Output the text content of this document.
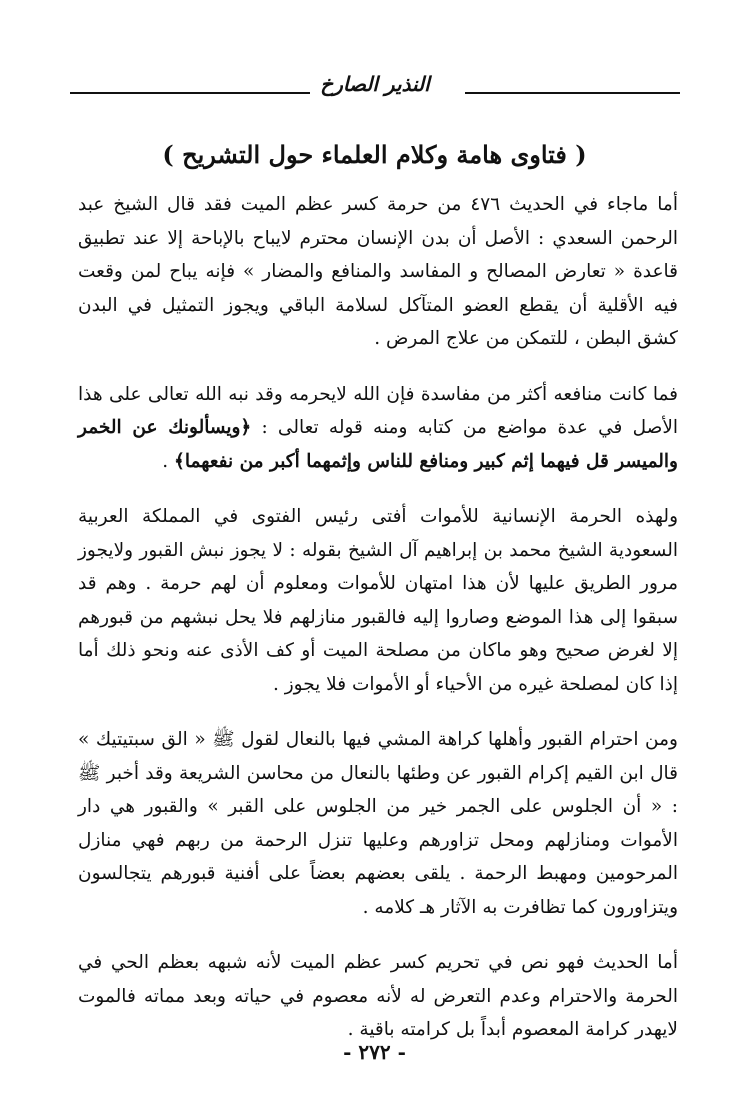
النذير الصارخ
( فتاوى هامة وكلام العلماء حول التشريح )

أما ماجاء في الحديث ٤٧٦ من حرمة كسر عظم الميت فقد قال الشيخ عبد الرحمن السعدي : الأصل أن بدن الإنسان محترم لايباح بالإباحة إلا عند تطبيق قاعدة « تعارض المصالح و المفاسد والمنافع والمضار » فإنه يباح لمن وقعت فيه الأقلية أن يقطع العضو المتآكل لسلامة الباقي ويجوز التمثيل في البدن كشق البطن ، للتمكن من علاج المرض .

فما كانت منافعه أكثر من مفاسدة فإن الله لايحرمه وقد نبه الله تعالى على هذا الأصل في عدة مواضع من كتابه ومنه قوله تعالى : ﴿ويسألونك عن الخمر والميسر قل فيهما إثم كبير ومنافع للناس وإثمهما أكبر من نفعهما﴾ .

ولهذه الحرمة الإنسانية للأموات أفتى رئيس الفتوى في المملكة العربية السعودية الشيخ محمد بن إبراهيم آل الشيخ بقوله : لا يجوز نبش القبور ولايجوز مرور الطريق عليها لأن هذا امتهان للأموات ومعلوم أن لهم حرمة . وهم قد سبقوا إلى هذا الموضع وصاروا إليه فالقبور منازلهم فلا يحل نبشهم من قبورهم إلا لغرض صحيح وهو ماكان من مصلحة الميت أو كف الأذى عنه ونحو ذلك أما إذا كان لمصلحة غيره من الأحياء أو الأموات فلا يجوز .

ومن احترام القبور وأهلها كراهة المشي فيها بالنعال لقول ﷺ « الق سبتيتيك » قال ابن القيم إكرام القبور عن وطئها بالنعال من محاسن الشريعة وقد أخبر ﷺ : « أن الجلوس على الجمر خير من الجلوس على القبر » والقبور هي دار الأموات ومنازلهم ومحل تزاورهم وعليها تنزل الرحمة من ربهم فهي منازل المرحومين ومهبط الرحمة . يلقى بعضهم بعضاً على أفنية قبورهم يتجالسون ويتزاورون كما تظافرت به الآثار هـ كلامه .

أما الحديث فهو نص في تحريم كسر عظم الميت لأنه شبهه بعظم الحي في الحرمة والاحترام وعدم التعرض له لأنه معصوم في حياته وبعد مماته فالموت لايهدر كرامة المعصوم أبداً بل كرامته باقية .

- ٢٧٢ -
